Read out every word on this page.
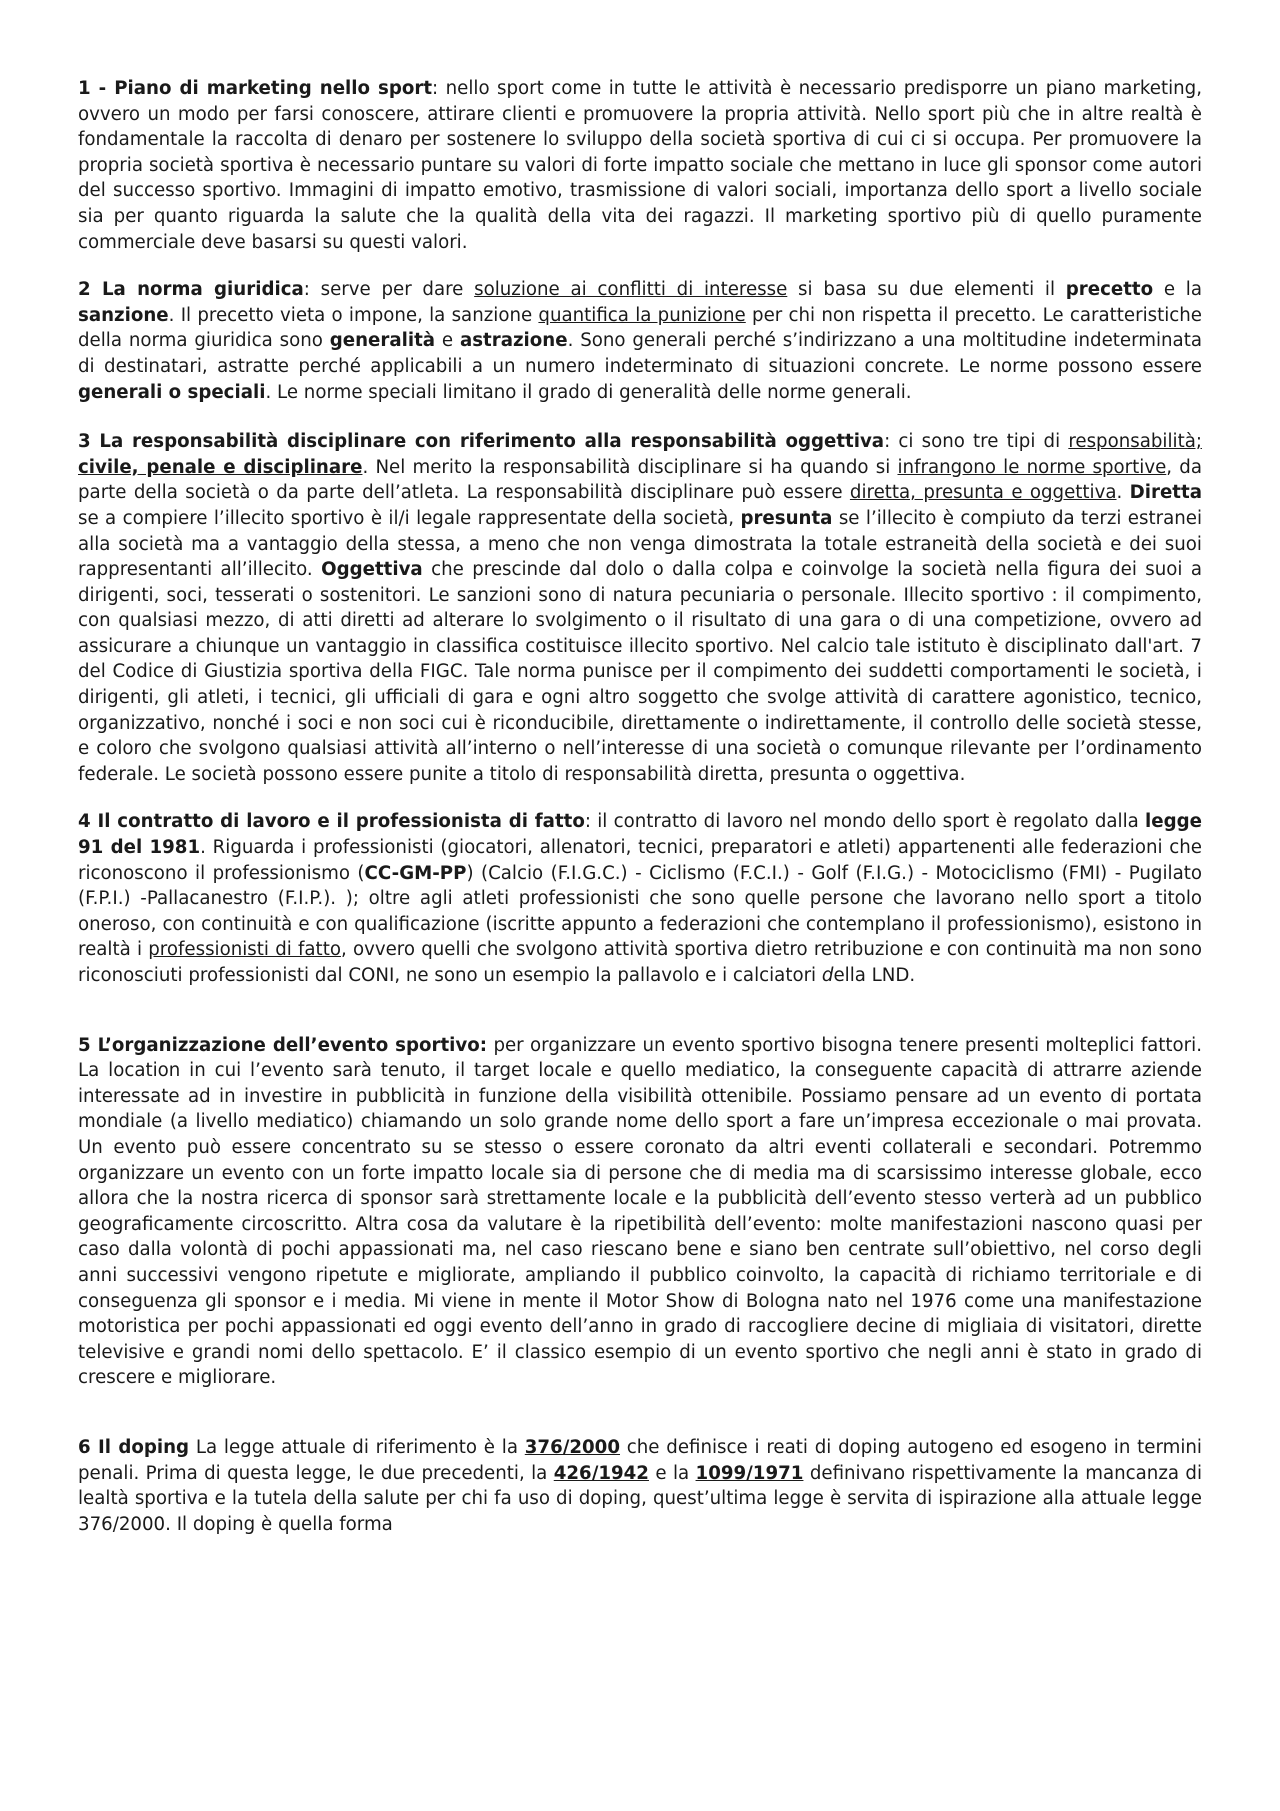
1 - Piano di marketing nello sport: nello sport come in tutte le attività è necessario predisporre un piano marketing, ovvero un modo per farsi conoscere, attirare clienti e promuovere la propria attività. Nello sport più che in altre realtà è fondamentale la raccolta di denaro per sostenere lo sviluppo della società sportiva di cui ci si occupa. Per promuovere la propria società sportiva è necessario puntare su valori di forte impatto sociale che mettano in luce gli sponsor come autori del successo sportivo. Immagini di impatto emotivo, trasmissione di valori sociali, importanza dello sport a livello sociale sia per quanto riguarda la salute che la qualità della vita dei ragazzi. Il marketing sportivo più di quello puramente commerciale deve basarsi su questi valori.

2 La norma giuridica: serve per dare soluzione ai conflitti di interesse si basa su due elementi il precetto e la sanzione. Il precetto vieta o impone, la sanzione quantifica la punizione per chi non rispetta il precetto. Le caratteristiche della norma giuridica sono generalità e astrazione. Sono generali perché s’indirizzano a una moltitudine indeterminata di destinatari, astratte perché applicabili a un numero indeterminato di situazioni concrete. Le norme possono essere generali o speciali. Le norme speciali limitano il grado di generalità delle norme generali.

3 La responsabilità disciplinare con riferimento alla responsabilità oggettiva: ci sono tre tipi di responsabilità; civile, penale e disciplinare. Nel merito la responsabilità disciplinare si ha quando si infrangono le norme sportive, da parte della società o da parte dell’atleta. La responsabilità disciplinare può essere diretta, presunta e oggettiva. Diretta se a compiere l’illecito sportivo è il/i legale rappresentate della società, presunta se l’illecito è compiuto da terzi estranei alla società ma a vantaggio della stessa, a meno che non venga dimostrata la totale estraneità della società e dei suoi rappresentanti all’illecito. Oggettiva che prescinde dal dolo o dalla colpa e coinvolge la società nella figura dei suoi a dirigenti, soci, tesserati o sostenitori. Le sanzioni sono di natura pecuniaria o personale. Illecito sportivo : il compimento, con qualsiasi mezzo, di atti diretti ad alterare lo svolgimento o il risultato di una gara o di una competizione, ovvero ad assicurare a chiunque un vantaggio in classifica costituisce illecito sportivo. Nel calcio tale istituto è disciplinato dall'art. 7 del Codice di Giustizia sportiva della FIGC. Tale norma punisce per il compimento dei suddetti comportamenti le società, i dirigenti, gli atleti, i tecnici, gli ufficiali di gara e ogni altro soggetto che svolge attività di carattere agonistico, tecnico, organizzativo, nonché i soci e non soci cui è riconducibile, direttamente o indirettamente, il controllo delle società stesse, e coloro che svolgono qualsiasi attività all’interno o nell’interesse di una società o comunque rilevante per l’ordinamento federale. Le società possono essere punite a titolo di responsabilità diretta, presunta o oggettiva.

4 Il contratto di lavoro e il professionista di fatto: il contratto di lavoro nel mondo dello sport è regolato dalla legge 91 del 1981. Riguarda i professionisti (giocatori, allenatori, tecnici, preparatori e atleti) appartenenti alle federazioni che riconoscono il professionismo (CC-GM-PP) (Calcio (F.I.G.C.) - Ciclismo (F.C.I.) - Golf (F.I.G.) - Motociclismo (FMI) - Pugilato (F.P.I.) -Pallacanestro (F.I.P.). ); oltre agli atleti professionisti che sono quelle persone che lavorano nello sport a titolo oneroso, con continuità e con qualificazione (iscritte appunto a federazioni che contemplano il professionismo), esistono in realtà i professionisti di fatto, ovvero quelli che svolgono attività sportiva dietro retribuzione e con continuità ma non sono riconosciuti professionisti dal CONI, ne sono un esempio la pallavolo e i calciatori della LND.

5 L’organizzazione dell’evento sportivo: per organizzare un evento sportivo bisogna tenere presenti molteplici fattori. La location in cui l’evento sarà tenuto, il target locale e quello mediatico, la conseguente capacità di attrarre aziende interessate ad in investire in pubblicità in funzione della visibilità ottenibile. Possiamo pensare ad un evento di portata mondiale (a livello mediatico) chiamando un solo grande nome dello sport a fare un’impresa eccezionale o mai provata. Un evento può essere concentrato su se stesso o essere coronato da altri eventi collaterali e secondari. Potremmo organizzare un evento con un forte impatto locale sia di persone che di media ma di scarsissimo interesse globale, ecco allora che la nostra ricerca di sponsor sarà strettamente locale e la pubblicità dell’evento stesso verterà ad un pubblico geograficamente circoscritto. Altra cosa da valutare è la ripetibilità dell’evento: molte manifestazioni nascono quasi per caso dalla volontà di pochi appassionati ma, nel caso riescano bene e siano ben centrate sull’obiettivo, nel corso degli anni successivi vengono ripetute e migliorate, ampliando il pubblico coinvolto, la capacità di richiamo territoriale e di conseguenza gli sponsor e i media. Mi viene in mente il Motor Show di Bologna nato nel 1976 come una manifestazione motoristica per pochi appassionati ed oggi evento dell’anno in grado di raccogliere decine di migliaia di visitatori, dirette televisive e grandi nomi dello spettacolo. E’ il classico esempio di un evento sportivo che negli anni è stato in grado di crescere e migliorare.

6 Il doping La legge attuale di riferimento è la 376/2000 che definisce i reati di doping autogeno ed esogeno in termini penali. Prima di questa legge, le due precedenti, la 426/1942 e la 1099/1971 definivano rispettivamente la mancanza di lealtà sportiva e la tutela della salute per chi fa uso di doping, quest’ultima legge è servita di ispirazione alla attuale legge 376/2000. Il doping è quella forma
